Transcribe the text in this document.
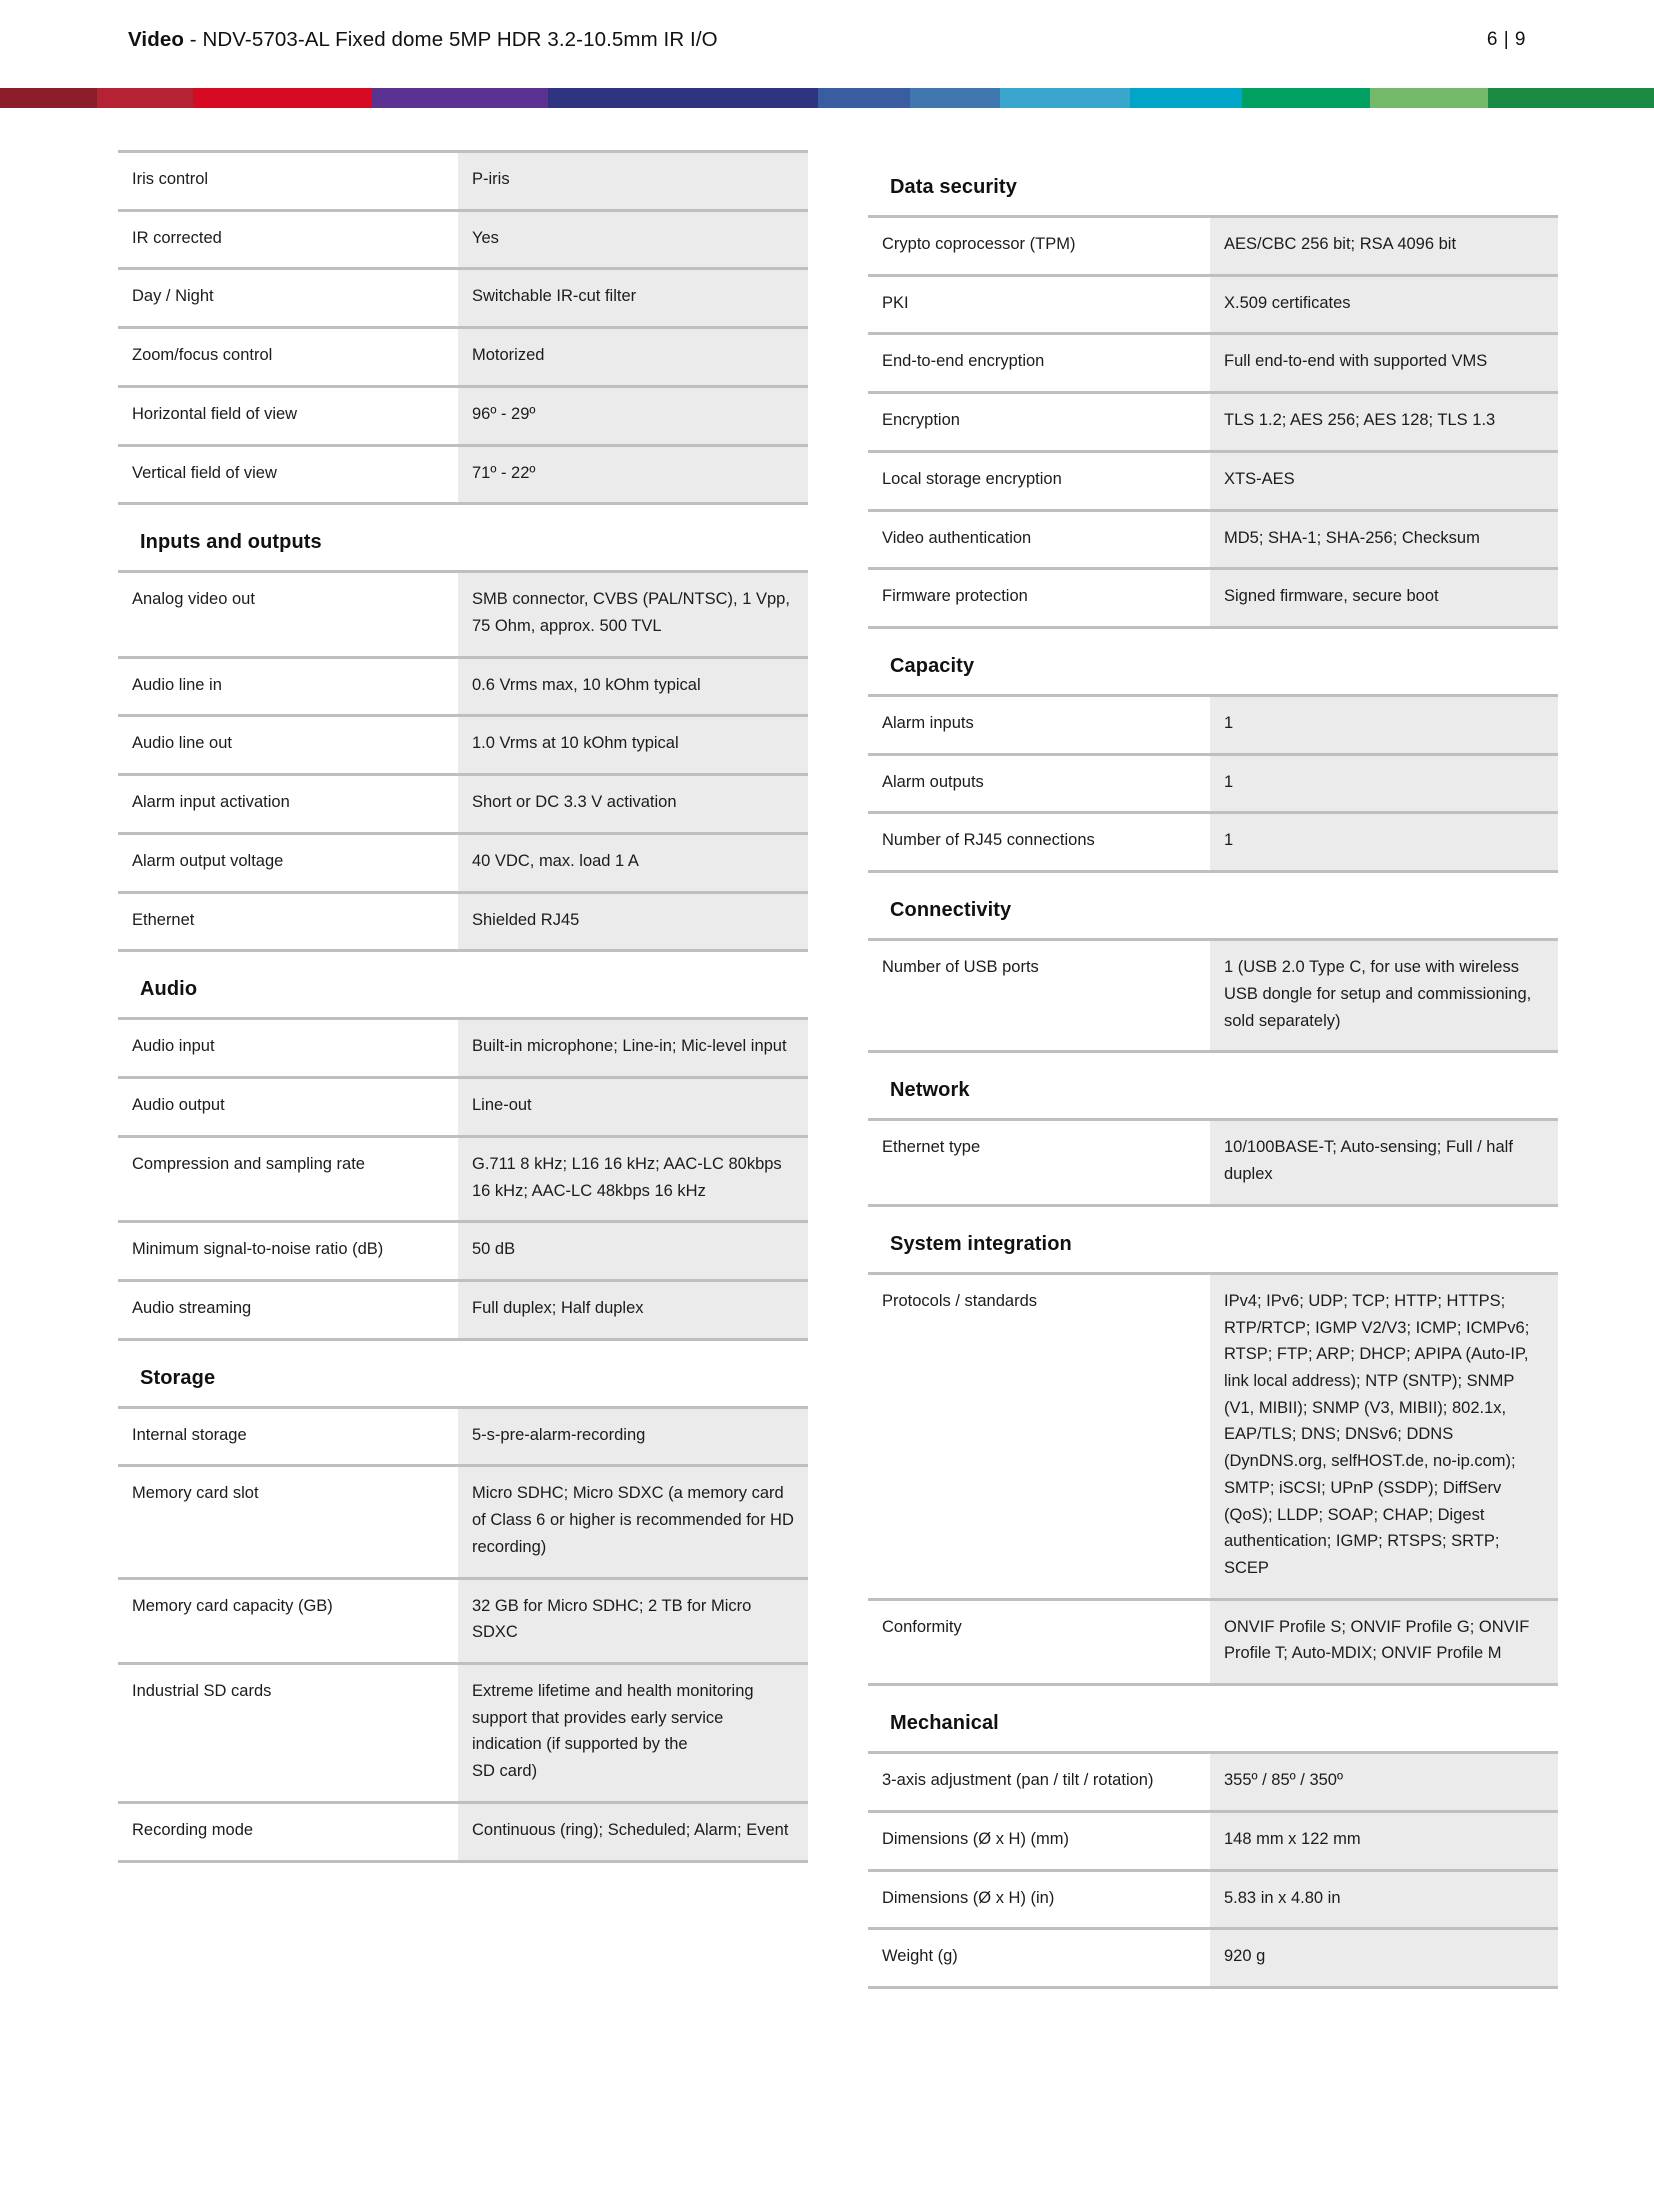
Video - NDV-5703-AL Fixed dome 5MP HDR 3.2-10.5mm IR I/O	6 | 9
Iris control	P-iris
IR corrected	Yes
Day / Night	Switchable IR-cut filter
Zoom/focus control	Motorized
Horizontal field of view	96º - 29º
Vertical field of view	71º - 22º
Inputs and outputs
Analog video out	SMB connector, CVBS (PAL/NTSC), 1 Vpp, 75 Ohm, approx. 500 TVL
Audio line in	0.6 Vrms max, 10 kOhm typical
Audio line out	1.0 Vrms at 10 kOhm typical
Alarm input activation	Short or DC 3.3 V activation
Alarm output voltage	40 VDC, max. load 1 A
Ethernet	Shielded RJ45
Audio
Audio input	Built-in microphone; Line-in; Mic-level input
Audio output	Line-out
Compression and sampling rate	G.711 8 kHz; L16 16 kHz; AAC-LC 80kbps 16 kHz; AAC-LC 48kbps 16 kHz
Minimum signal-to-noise ratio (dB)	50 dB
Audio streaming	Full duplex; Half duplex
Storage
Internal storage	5-s-pre-alarm-recording
Memory card slot	Micro SDHC; Micro SDXC (a memory card of Class 6 or higher is recommended for HD recording)
Memory card capacity (GB)	32 GB for Micro SDHC; 2 TB for Micro SDXC
Industrial SD cards	Extreme lifetime and health monitoring support that provides early service indication (if supported by the
SD card)
Recording mode	Continuous (ring); Scheduled; Alarm; Event
Data security
Crypto coprocessor (TPM)	AES/CBC 256 bit; RSA 4096 bit
PKI	X.509 certificates
End-to-end encryption	Full end-to-end with supported VMS
Encryption	TLS 1.2; AES 256; AES 128; TLS 1.3
Local storage encryption	XTS-AES
Video authentication	MD5; SHA-1; SHA-256; Checksum
Firmware protection	Signed firmware, secure boot
Capacity
Alarm inputs	1
Alarm outputs	1
Number of RJ45 connections	1
Connectivity
Number of USB ports	1 (USB 2.0 Type C, for use with wireless USB dongle for setup and commissioning, sold separately)
Network
Ethernet type	10/100BASE-T; Auto-sensing; Full / half duplex
System integration
Protocols / standards	IPv4; IPv6; UDP; TCP; HTTP; HTTPS; RTP/RTCP; IGMP V2/V3; ICMP; ICMPv6; RTSP; FTP; ARP; DHCP; APIPA (Auto-IP, link local address); NTP (SNTP); SNMP (V1, MIBII); SNMP (V3, MIBII); 802.1x, EAP/TLS; DNS; DNSv6; DDNS (DynDNS.org, selfHOST.de, no-ip.com); SMTP; iSCSI; UPnP (SSDP); DiffServ (QoS); LLDP; SOAP; CHAP; Digest authentication; IGMP; RTSPS; SRTP; SCEP
Conformity	ONVIF Profile S; ONVIF Profile G; ONVIF Profile T; Auto-MDIX; ONVIF Profile M
Mechanical
3-axis adjustment (pan / tilt / rotation)	355º / 85º / 350º
Dimensions (Ø x H) (mm)	148 mm x 122 mm
Dimensions (Ø x H) (in)	5.83 in x 4.80 in
Weight (g)	920 g
